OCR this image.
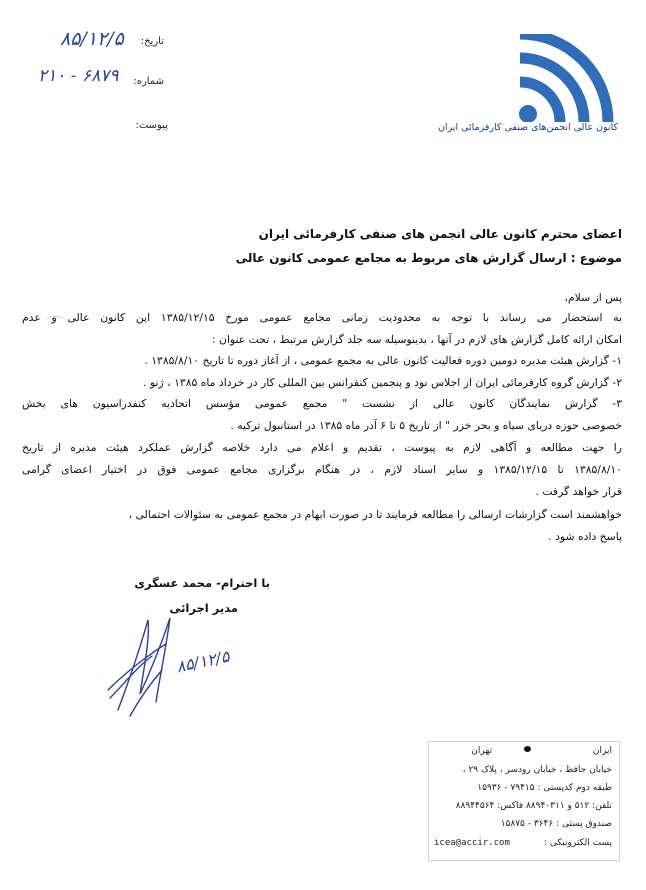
تاریخ:
۸۵/۱۲/۵
شماره:
۲۱۰ - ۶۸۷۹
پیوست:	کانون عالی انجمن‌های صنفی کارفرمائی ایران
اعضای محترم کانون عالی انجمن های صنفی کارفرمائی ایران
موضوع : ارسال گزارش های مربوط به مجامع عمومی کانون عالی
پس از سلام،
به استحضار می رساند با توجه به محدودیت زمانی مجامع عمومی مورخ ۱۳۸۵/۱۲/۱۵ این کانون عالی و عدم
امکان ارائه کامل گزارش های لازم در آنها ، بدینوسیله سه جلد گزارش مرتبط ، تحت عنوان :
۱- گزارش هیئت مدیره دومین دوره فعالیت کانون عالی به مجمع عمومی ، از آغاز دوره تا تاریخ ۱۳۸۵/۸/۱۰ .
۲- گزارش گروه کارفرمائی ایران از اجلاس نود و پنجمین کنفرانس بین المللی کار در خرداد ماه ۱۳۸۵ ، ژنو .
۳- گزارش نمایندگان کانون عالی از نشست " مجمع عمومی مؤسس اتحادیه کنفدراسیون های بخش
خصوصی حوزه دریای سیاه و بحر خزر " از تاریخ ۵ تا ۶ آذر ماه ۱۳۸۵ در استانبول ترکیه .
را جهت مطالعه و آگاهی لازم به پیوست ، تقدیم و اعلام می دارد خلاصه گزارش عملکرد هیئت مدیره از تاریخ
۱۳۸۵/۸/۱۰ تا ۱۳۸۵/۱۲/۱۵ و سایر اسناد لازم ، در هنگام برگزاری مجامع عمومی فوق در اختیار اعضای گرامی
قرار خواهد گرفت .
خواهشمند است گزارشات ارسالی را مطالعه فرمایند تا در صورت ابهام در مجمع عمومی به سئوالات احتمالی ،
پاسخ داده شود .
با احترام- محمد عسگری
مدیر اجرائی
۸۵/۱۲/۵
ایران
تهران
خیابان حافظ ، خیابان رودسر ، پلاک ۲۹ ،
طبقه دوم کدپستی : ۷۹۴۱۵ - ۱۵۹۳۶
تلفن: ۵۱۲ و ۸۸۹۴۰۳۱۱ فاکس: ۸۸۹۴۴۵۶۴
صندوق پستی : ۳۶۴۶ - ۱۵۸۷۵
پست الکترونیکی :
icea@accir.com
